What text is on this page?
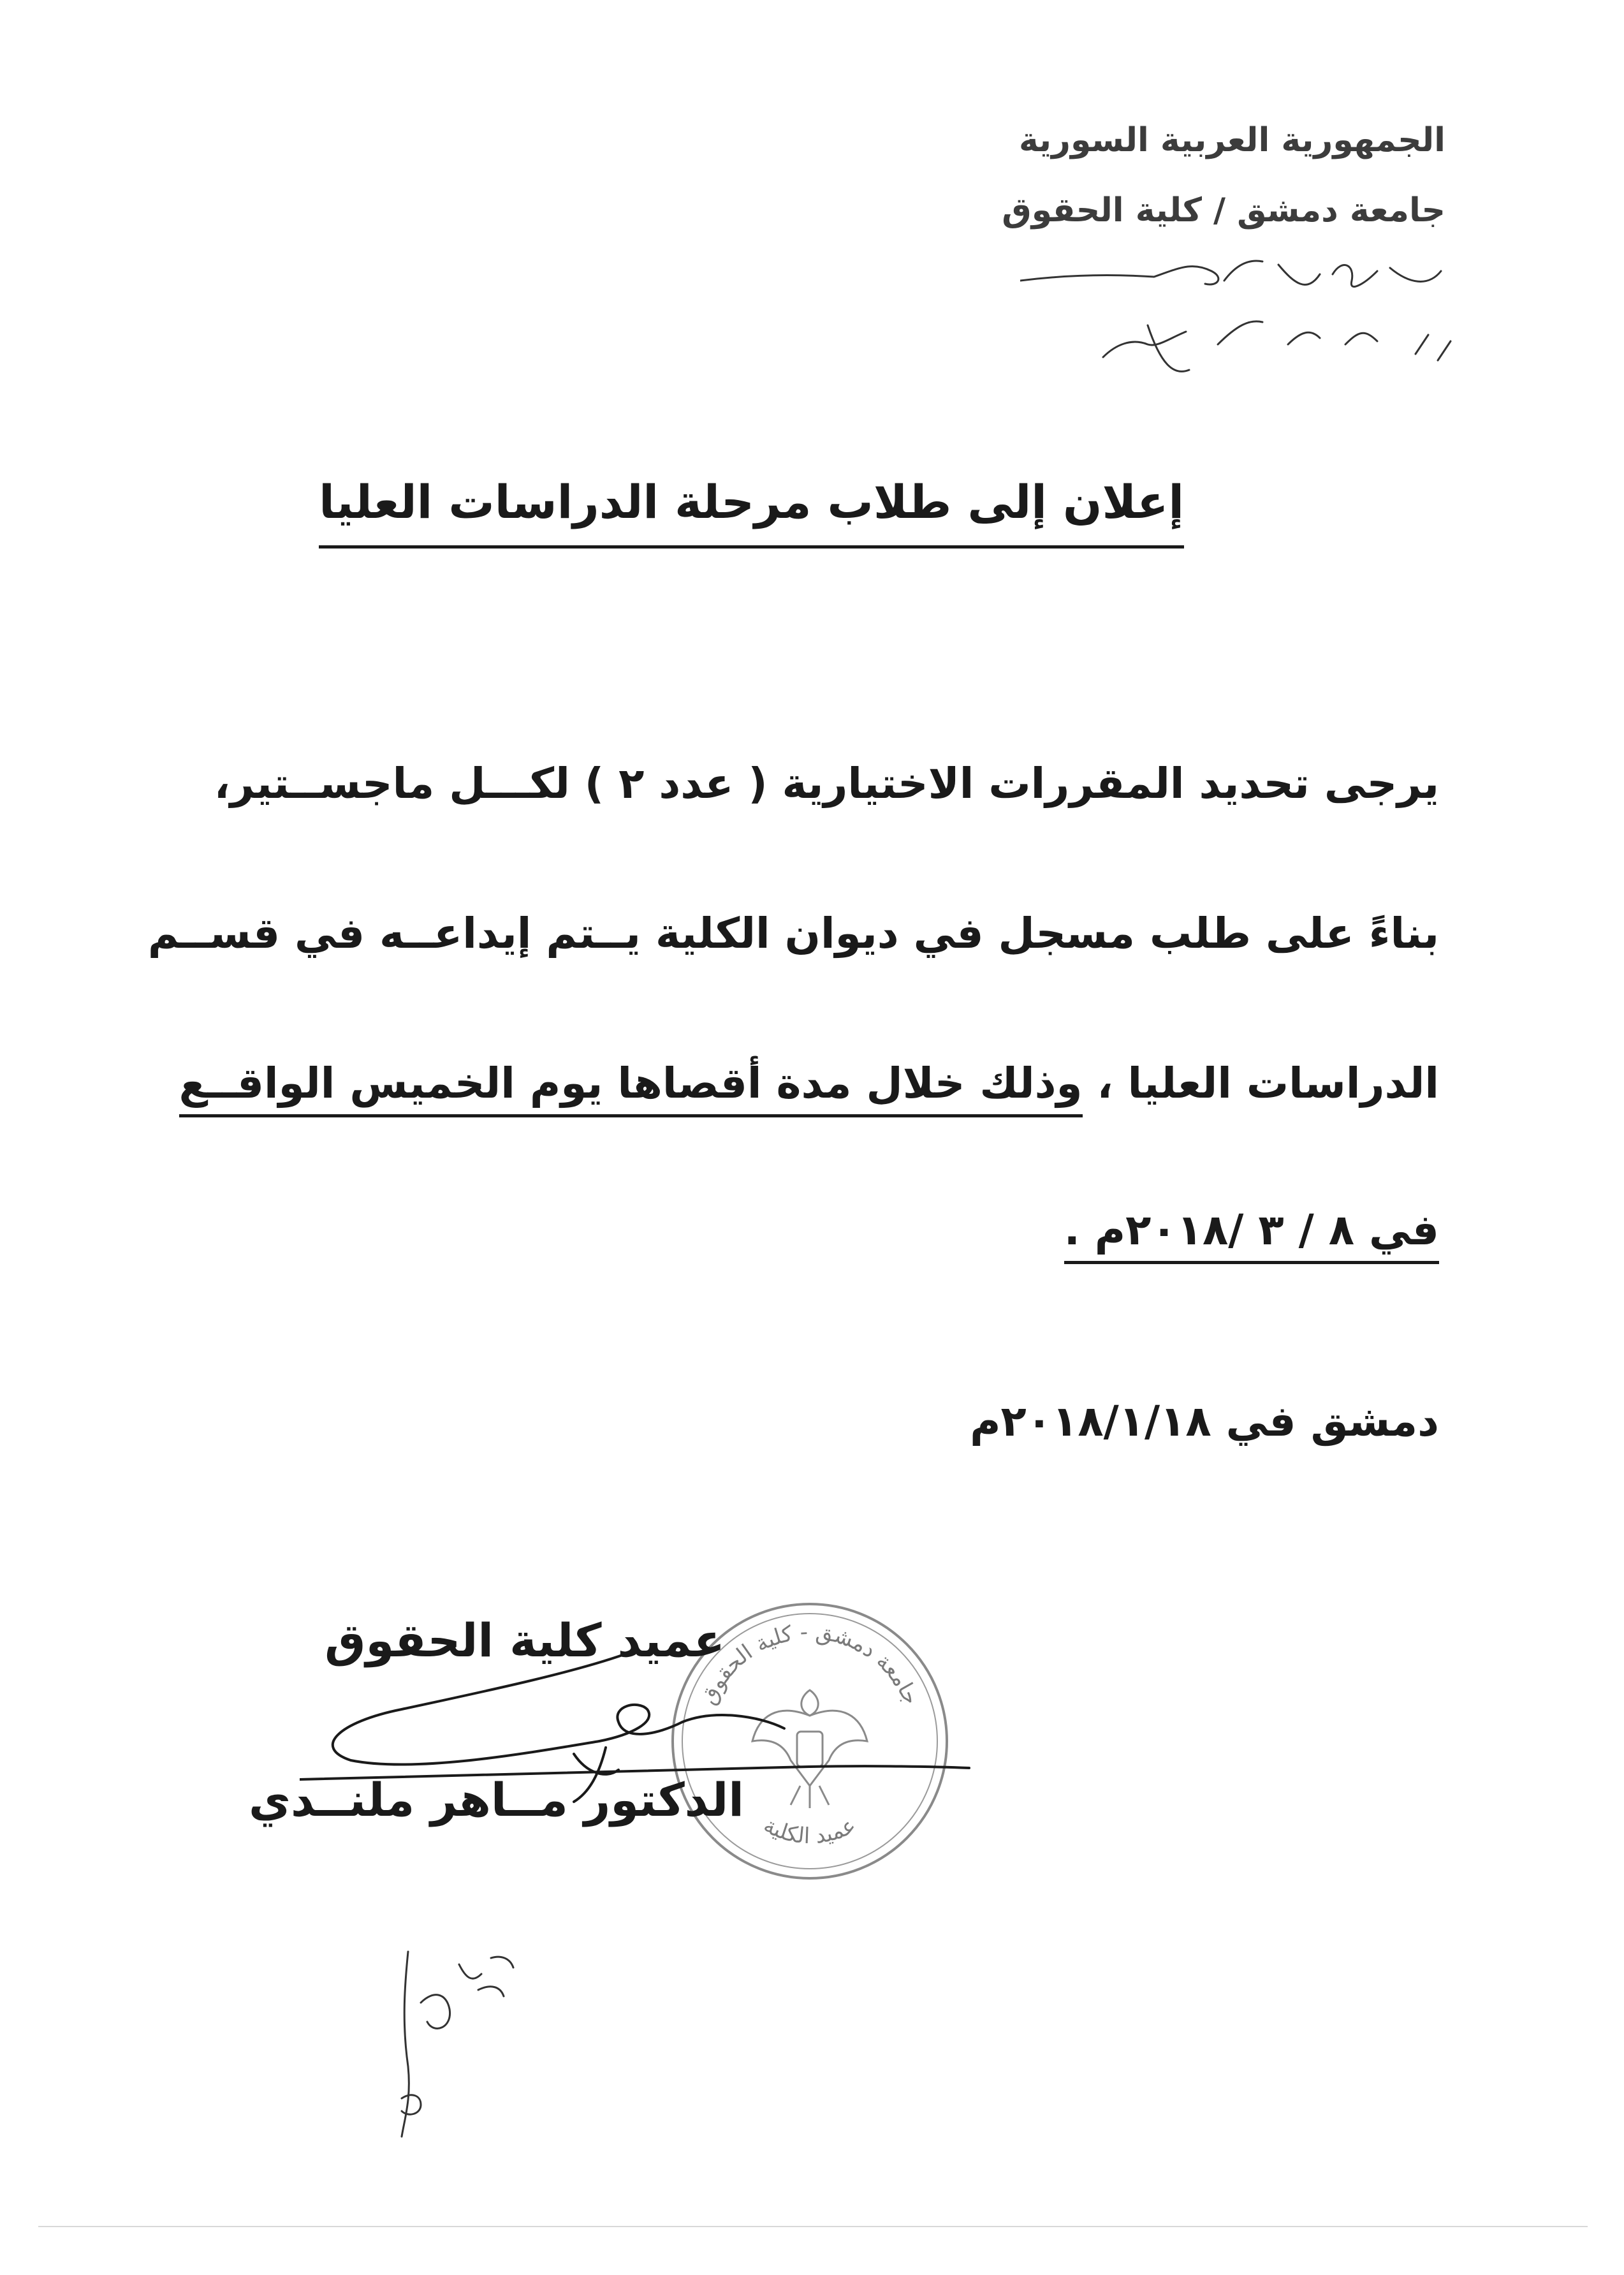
الجمهورية العربية السورية
جامعة دمشق / كلية الحقوق
إعلان إلى طلاب مرحلة الدراسات العليا
يرجى تحديد المقررات الاختيارية ( عدد ٢ ) لكـــل ماجســتير،
بناءً على طلب مسجل في ديوان الكلية يــتم إيداعــه في قســم
الدراسات العليا ، وذلك خلال مدة أقصاها يوم الخميس الواقــع
في ٨ / ٣ /٢٠١٨م .
دمشق في ٢٠١٨/١/١٨م
جامعة دمشق - كلية الحقوق
عميد الكلية
عميد كلية الحقوق
الدكتور مــاهر ملنــدي
